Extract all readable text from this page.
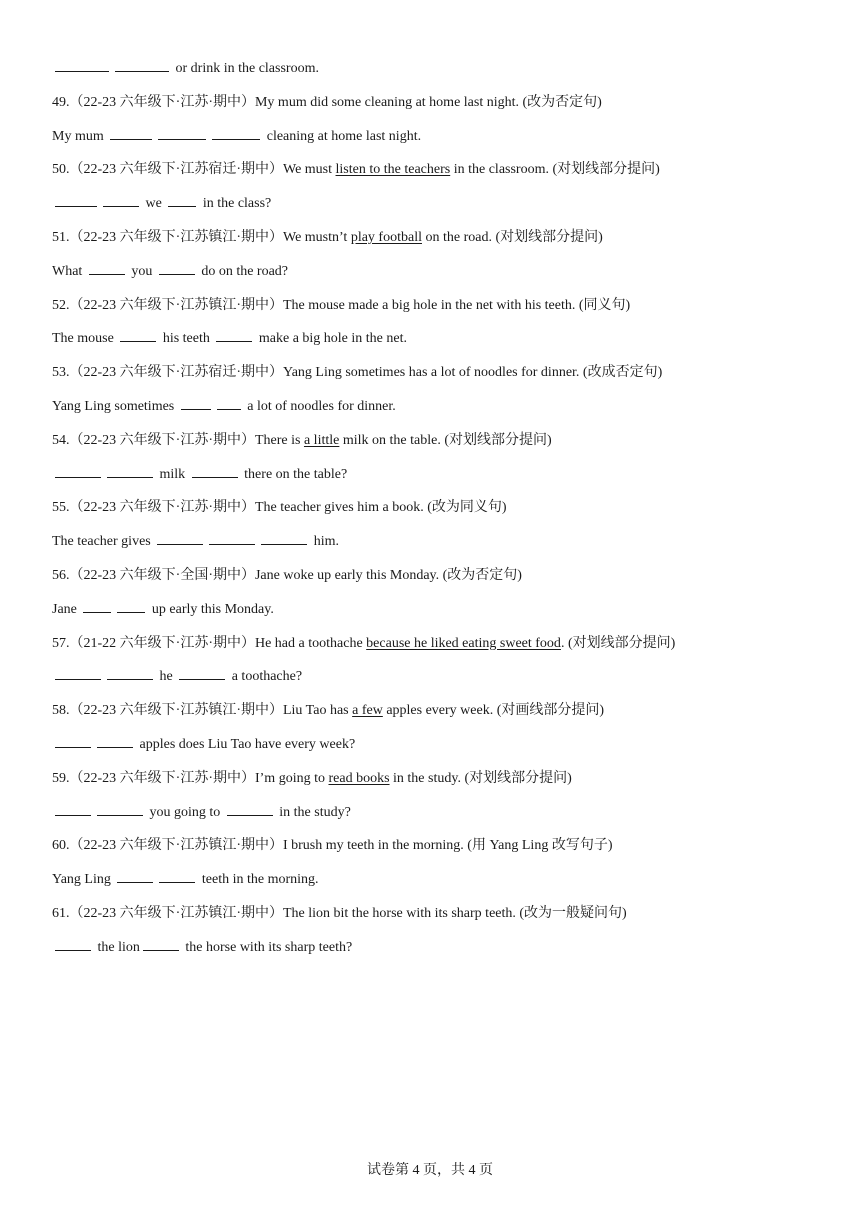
or drink in the classroom.
49.（22-23 六年级下·江苏·期中）My mum did some cleaning at home last night. (改为否定句)
My mum	cleaning at home last night.
50.（22-23 六年级下·江苏宿迁·期中）We must listen to the teachers in the classroom. (对划线部分提问)
we  in the class?
51.（22-23 六年级下·江苏镇江·期中）We mustn’t play football on the road. (对划线部分提问)
What	you	do on the road?
52.（22-23 六年级下·江苏镇江·期中）The mouse made a big hole in the net with his teeth. (同义句)
The mouse	his teeth	make a big hole in the net.
53.（22-23 六年级下·江苏宿迁·期中）Yang Ling sometimes has a lot of noodles for dinner. (改成否定句)
Yang Ling sometimes	a lot of noodles for dinner.
54.（22-23 六年级下·江苏·期中）There is a little milk on the table. (对划线部分提问)
milk	there on the table?
55.（22-23 六年级下·江苏·期中）The teacher gives him a book. (改为同义句)
The teacher gives	him.
56.（22-23 六年级下·全国·期中）Jane woke up early this Monday. (改为否定句)
Jane	up early this Monday.
57.（21-22 六年级下·江苏·期中）He had a toothache because he liked eating sweet food. (对划线部分提问)
he	a toothache?
58.（22-23 六年级下·江苏镇江·期中）Liu Tao has a few apples every week. (对画线部分提问)
apples does Liu Tao have every week?
59.（22-23 六年级下·江苏·期中）I’m going to read books in the study. (对划线部分提问)
you going to	in the study?
60.（22-23 六年级下·江苏镇江·期中）I brush my teeth in the morning. (用 Yang Ling 改写句子)
Yang Ling	teeth in the morning.
61.（22-23 六年级下·江苏镇江·期中）The lion bit the horse with its sharp teeth. (改为一般疑问句)
the lion	the horse with its sharp teeth?
试卷第 4 页，共 4 页
